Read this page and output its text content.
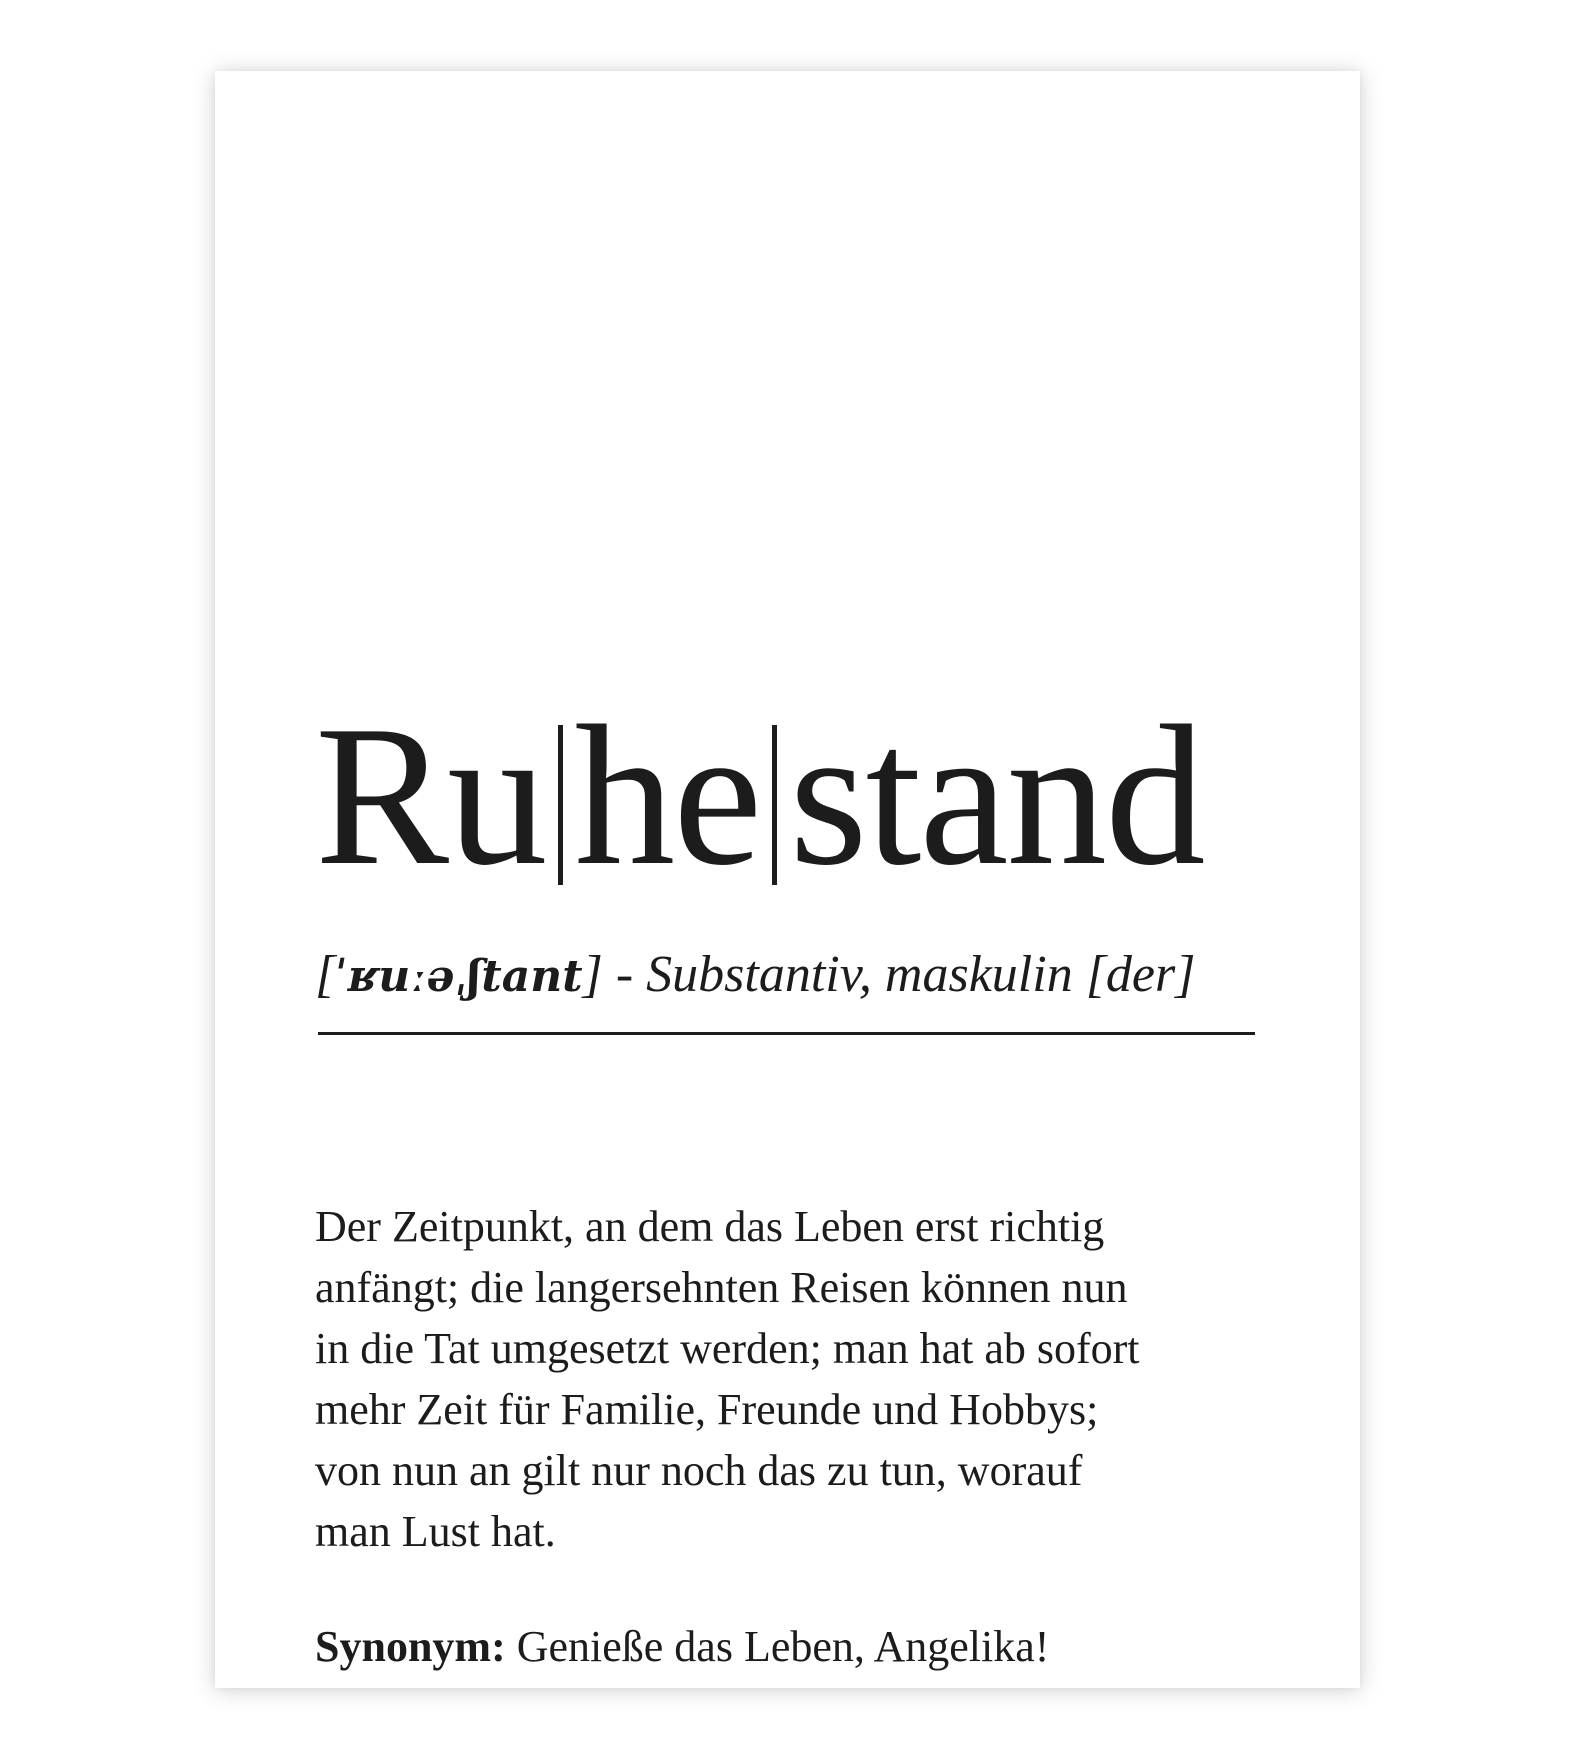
Ru he stand
[ˈʁuːəˌʃtant] - Substantiv, maskulin [der]
Der Zeitpunkt, an dem das Leben erst richtig
anfängt; die langersehnten Reisen können nun
in die Tat umgesetzt werden; man hat ab sofort
mehr Zeit für Familie, Freunde und Hobbys;
von nun an gilt nur noch das zu tun, worauf
man Lust hat.
Synonym: Genieße das Leben, Angelika!
